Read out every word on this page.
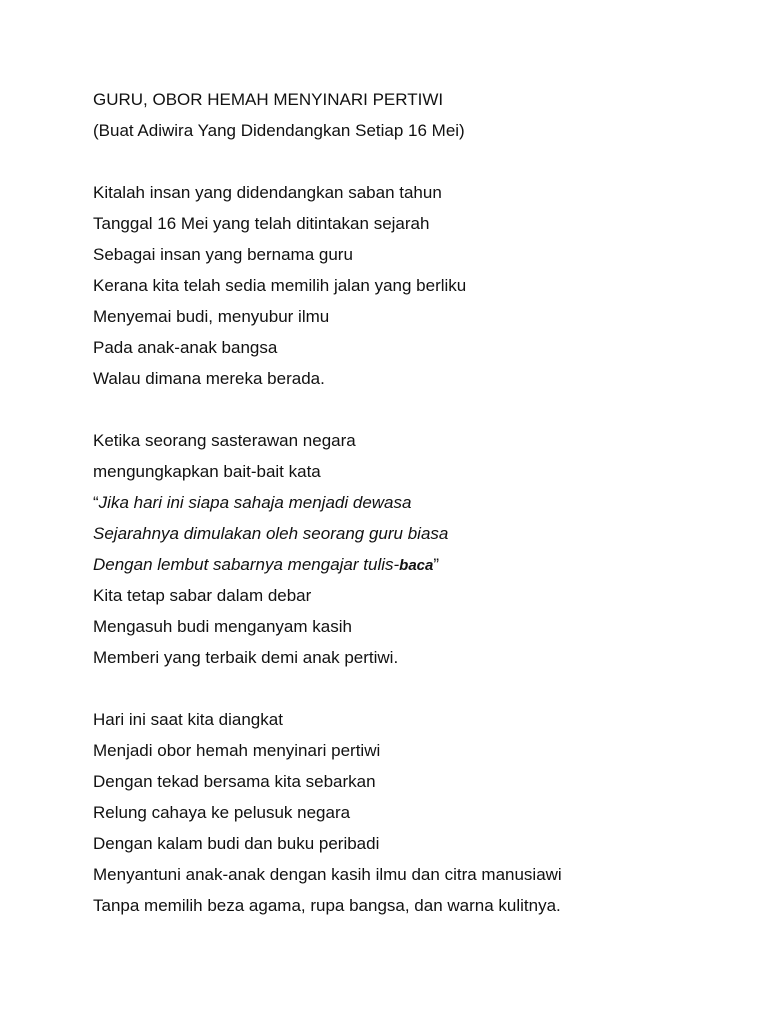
GURU, OBOR HEMAH MENYINARI PERTIWI
(Buat Adiwira Yang Didendangkan Setiap 16 Mei)
Kitalah insan yang didendangkan saban tahun
Tanggal 16 Mei yang telah ditintakan sejarah
Sebagai insan yang bernama guru
Kerana kita telah sedia memilih jalan yang berliku
Menyemai budi, menyubur ilmu
Pada anak-anak bangsa
Walau dimana mereka berada.
Ketika seorang sasterawan negara
mengungkapkan bait-bait kata
“Jika hari ini siapa sahaja menjadi dewasa
Sejarahnya dimulakan oleh seorang guru biasa
Dengan lembut sabarnya mengajar tulis-baca”
Kita tetap sabar dalam debar
Mengasuh budi menganyam kasih
Memberi yang terbaik demi anak pertiwi.
Hari ini saat kita diangkat
Menjadi obor hemah menyinari pertiwi
Dengan tekad bersama kita sebarkan
Relung cahaya ke pelusuk negara
Dengan kalam budi dan buku peribadi
Menyantuni anak-anak dengan kasih ilmu dan citra manusiawi
Tanpa memilih beza agama, rupa bangsa, dan warna kulitnya.
